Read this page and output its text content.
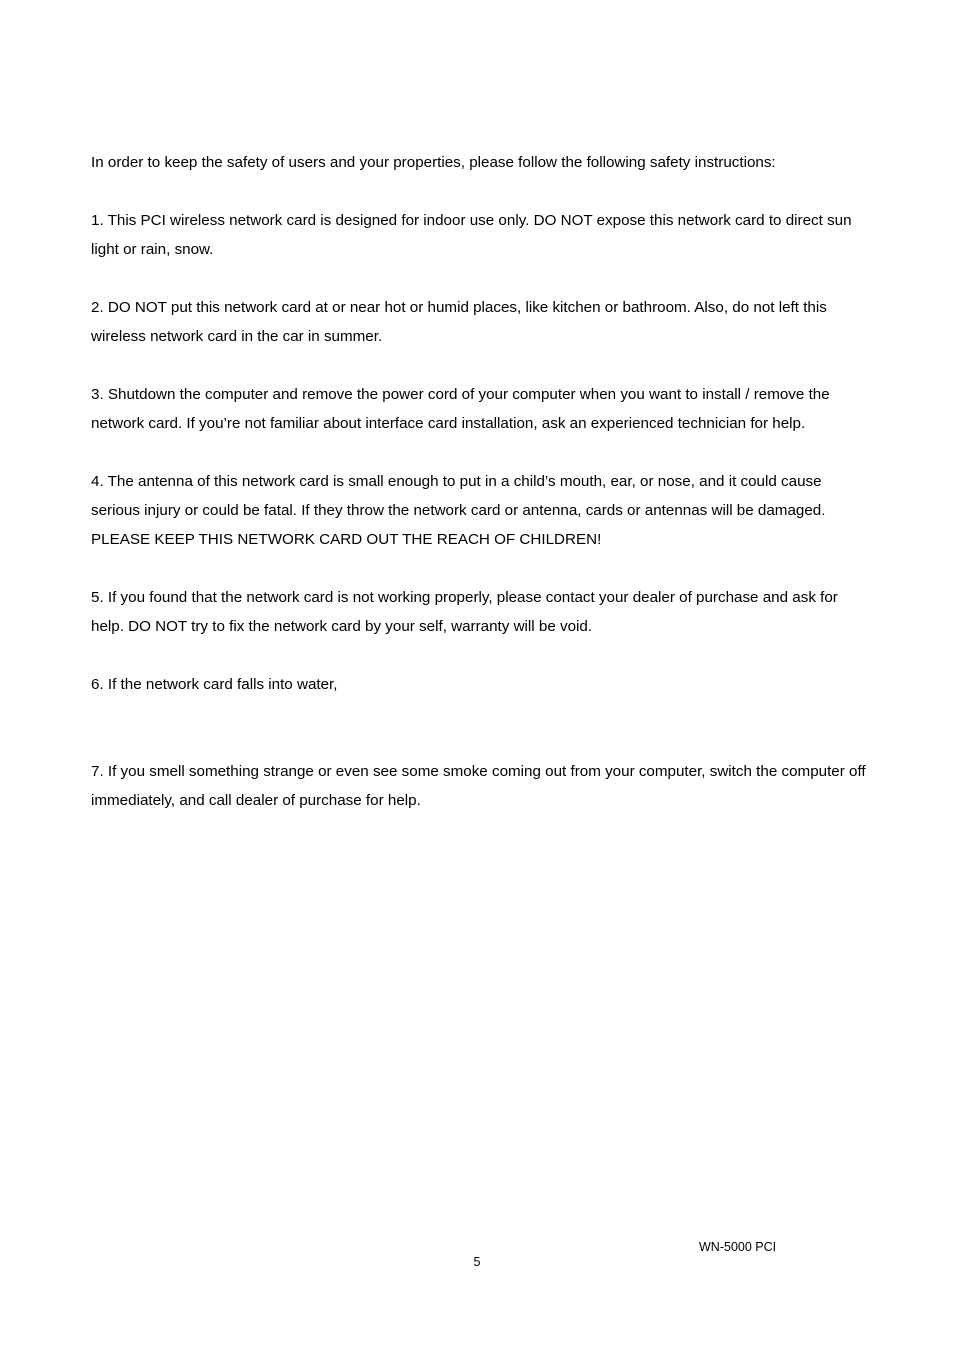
In order to keep the safety of users and your properties, please follow the following safety instructions:

1. This PCI wireless network card is designed for indoor use only. DO NOT expose this network card to direct sun light or rain, snow.

2. DO NOT put this network card at or near hot or humid places, like kitchen or bathroom. Also, do not left this wireless network card in the car in summer.

3. Shutdown the computer and remove the power cord of your computer when you want to install / remove the network card. If you’re not familiar about interface card installation, ask an experienced technician for help.

4. The antenna of this network card is small enough to put in a child’s mouth, ear, or nose, and it could cause serious injury or could be fatal. If they throw the network card or antenna, cards or antennas will be damaged. PLEASE KEEP THIS NETWORK CARD OUT THE REACH OF CHILDREN!

5. If you found that the network card is not working properly, please contact your dealer of purchase and ask for help. DO NOT try to fix the network card by your self, warranty will be void.

6. If the network card falls into water,

7. If you smell something strange or even see some smoke coming out from your computer, switch the computer off immediately, and call dealer of purchase for help.

WN-5000 PCI
5
